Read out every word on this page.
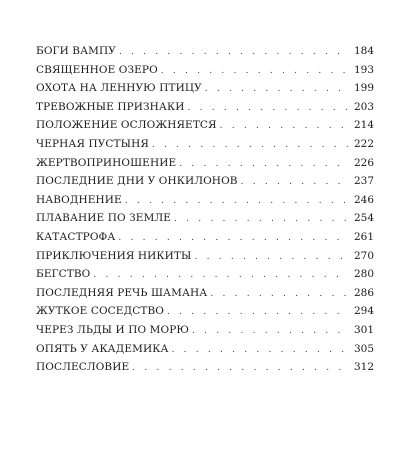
БОГИ ВАМПУ . . .	184
СВЯЩЕННОЕ ОЗЕРО . . .	193
ОХОТА НА ЛЕННУЮ ПТИЦУ . . .	199
ТРЕВОЖНЫЕ ПРИЗНАКИ . . .	203
ПОЛОЖЕНИЕ ОСЛОЖНЯЕТСЯ . . .	214
ЧЕРНАЯ ПУСТЫНЯ . . .	222
ЖЕРТВОПРИНОШЕНИЕ . . .	226
ПОСЛЕДНИЕ ДНИ У ОНКИЛОНОВ . . .	237
НАВОДНЕНИЕ . . .	246
ПЛАВАНИЕ ПО ЗЕМЛЕ . . .	254
КАТАСТРОФА . . .	261
ПРИКЛЮЧЕНИЯ НИКИТЫ . . .	270
БЕГСТВО . . .	280
ПОСЛЕДНЯЯ РЕЧЬ ШАМАНА . . .	286
ЖУТКОЕ СОСЕДСТВО . . .	294
ЧЕРЕЗ ЛЬДЫ И ПО МОРЮ . . .	301
ОПЯТЬ У АКАДЕМИКА . . .	305
ПОСЛЕСЛОВИЕ . . .	312
